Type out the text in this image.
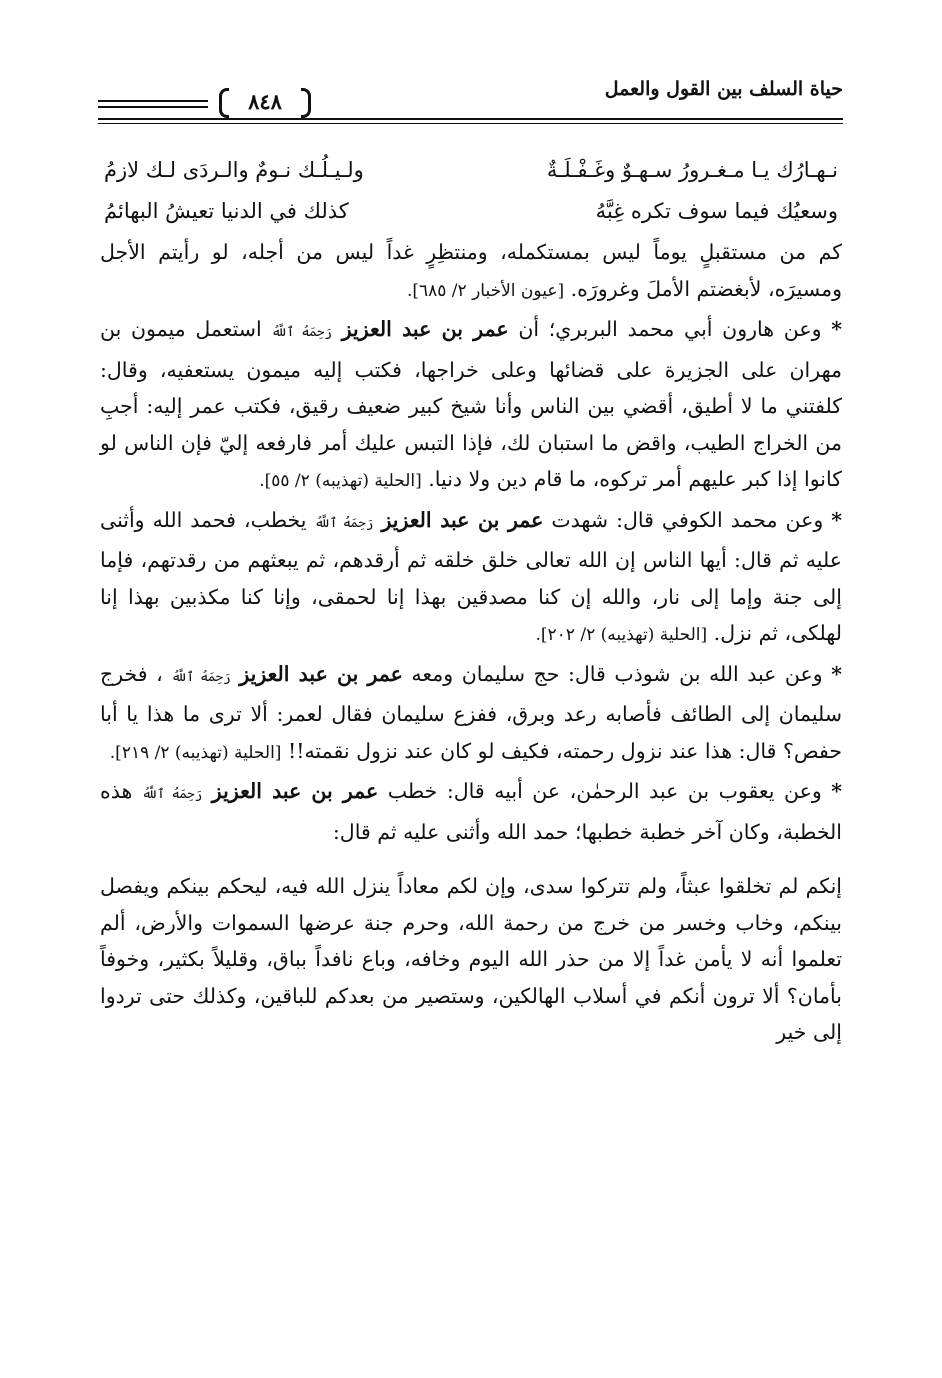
حياة السلف بين القول والعمل
٨٤٨
نـهـارُك يـا مـغـرورُ سـهـوٌ وغَـفْـلَـةٌ
ولـيـلُـك نـومٌ والـردَى لـك لازمُ
وسعيُك فيما سوف تكره غِبَّهُ
كذلك في الدنيا تعيشُ البهائمُ

كم من مستقبلٍ يوماً ليس بمستكمله، ومنتظِرٍ غداً ليس من أجله، لو رأيتم الأجل ومسيرَه، لأبغضتم الأملَ وغرورَه. [عيون الأخبار ٢/ ٦٨٥].

* وعن هارون أبي محمد البربري؛ أن عمر بن عبد العزيز رَحِمَهُ ٱللَّهُ استعمل ميمون بن مهران على الجزيرة على قضائها وعلى خراجها، فكتب إليه ميمون يستعفيه، وقال: كلفتني ما لا أطيق، أقضي بين الناس وأنا شيخ كبير ضعيف رقيق، فكتب عمر إليه: أجبِ من الخراج الطيب، واقض ما استبان لك، فإذا التبس عليك أمر فارفعه إليّ فإن الناس لو كانوا إذا كبر عليهم أمر تركوه، ما قام دين ولا دنيا. [الحلية (تهذيبه) ٢/ ٥٥].

* وعن محمد الكوفي قال: شهدت عمر بن عبد العزيز رَحِمَهُ ٱللَّهُ يخطب، فحمد الله وأثنى عليه ثم قال: أيها الناس إن الله تعالى خلق خلقه ثم أرقدهم، ثم يبعثهم من رقدتهم، فإما إلى جنة وإما إلى نار، والله إن كنا مصدقين بهذا إنا لحمقى، وإنا كنا مكذبين بهذا إنا لهلكى، ثم نزل. [الحلية (تهذيبه) ٢/ ٢٠٢].

* وعن عبد الله بن شوذب قال: حج سليمان ومعه عمر بن عبد العزيز رَحِمَهُ ٱللَّهُ ، فخرج سليمان إلى الطائف فأصابه رعد وبرق، ففزع سليمان فقال لعمر: ألا ترى ما هذا يا أبا حفص؟ قال: هذا عند نزول رحمته، فكيف لو كان عند نزول نقمته!! [الحلية (تهذيبه) ٢/ ٢١٩].

* وعن يعقوب بن عبد الرحمٰن، عن أبيه قال: خطب عمر بن عبد العزيز رَحِمَهُ ٱللَّهُ هذه الخطبة، وكان آخر خطبة خطبها؛ حمد الله وأثنى عليه ثم قال:

إنكم لم تخلقوا عبثاً، ولم تتركوا سدى، وإن لكم معاداً ينزل الله فيه، ليحكم بينكم ويفصل بينكم، وخاب وخسر من خرج من رحمة الله، وحرم جنة عرضها السموات والأرض، ألم تعلموا أنه لا يأمن غداً إلا من حذر الله اليوم وخافه، وباع نافداً بباق، وقليلاً بكثير، وخوفاً بأمان؟ ألا ترون أنكم في أسلاب الهالكين، وستصير من بعدكم للباقين، وكذلك حتى تردوا إلى خير
